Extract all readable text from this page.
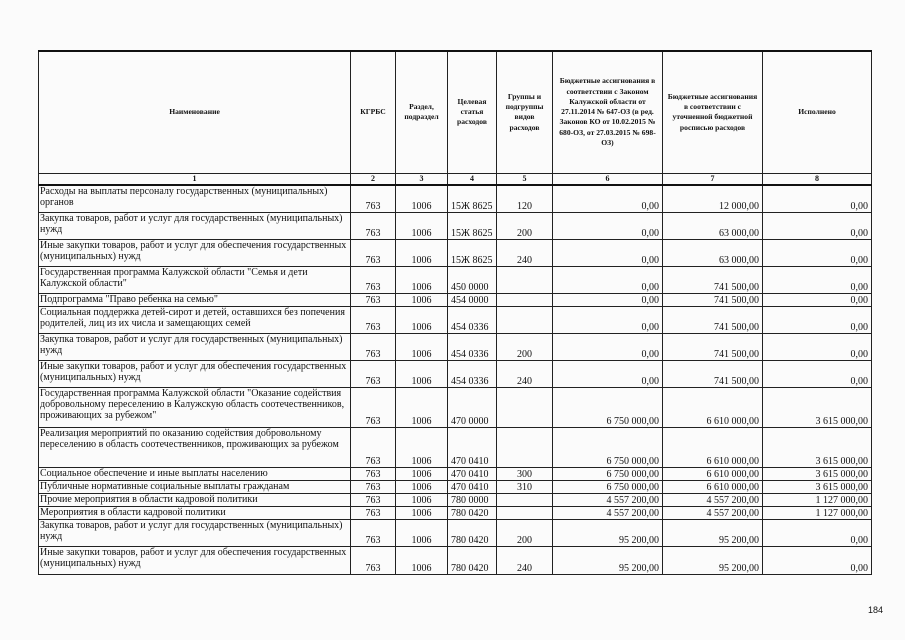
Наименование	КГРБС	Раздел, подраздел	Целевая статья расходов	Группы и подгруппы видов расходов	Бюджетные ассигнования в соответствии с Законом Калужской области от 27.11.2014 № 647-ОЗ (в ред. Законов КО от 10.02.2015 № 680-ОЗ, от 27.03.2015 № 698-ОЗ)	Бюджетные ассигнования в соответствии с уточненной бюджетной росписью расходов	Исполнено
1	2	3	4	5	6	7	8
Расходы на выплаты персоналу государственных (муниципальных) органов	763	1006	15Ж 8625	120	0,00	12 000,00	0,00
Закупка товаров, работ и услуг для государственных (муниципальных) нужд	763	1006	15Ж 8625	200	0,00	63 000,00	0,00
Иные закупки товаров, работ и услуг для обеспечения государственных (муниципальных) нужд	763	1006	15Ж 8625	240	0,00	63 000,00	0,00
Государственная программа Калужской области "Семья и дети Калужской области"	763	1006	450 0000		0,00	741 500,00	0,00
Подпрограмма "Право ребенка на семью"	763	1006	454 0000		0,00	741 500,00	0,00
Социальная поддержка детей-сирот и детей, оставшихся без попечения родителей, лиц из их числа и замещающих семей	763	1006	454 0336		0,00	741 500,00	0,00
Закупка товаров, работ и услуг для государственных (муниципальных) нужд	763	1006	454 0336	200	0,00	741 500,00	0,00
Иные закупки товаров, работ и услуг для обеспечения государственных (муниципальных) нужд	763	1006	454 0336	240	0,00	741 500,00	0,00
Государственная программа Калужской области "Оказание содействия добровольному переселению в Калужскую область соотечественников, проживающих за рубежом"	763	1006	470 0000		6 750 000,00	6 610 000,00	3 615 000,00
Реализация мероприятий по оказанию содействия добровольному переселению в область соотечественников, проживающих за рубежом	763	1006	470 0410		6 750 000,00	6 610 000,00	3 615 000,00
Социальное обеспечение и иные выплаты населению	763	1006	470 0410	300	6 750 000,00	6 610 000,00	3 615 000,00
Публичные нормативные социальные выплаты гражданам	763	1006	470 0410	310	6 750 000,00	6 610 000,00	3 615 000,00
Прочие мероприятия в области кадровой политики	763	1006	780 0000		4 557 200,00	4 557 200,00	1 127 000,00
Мероприятия в области кадровой политики	763	1006	780 0420		4 557 200,00	4 557 200,00	1 127 000,00
Закупка товаров, работ и услуг для государственных (муниципальных) нужд	763	1006	780 0420	200	95 200,00	95 200,00	0,00
Иные закупки товаров, работ и услуг для обеспечения государственных (муниципальных) нужд	763	1006	780 0420	240	95 200,00	95 200,00	0,00
184
